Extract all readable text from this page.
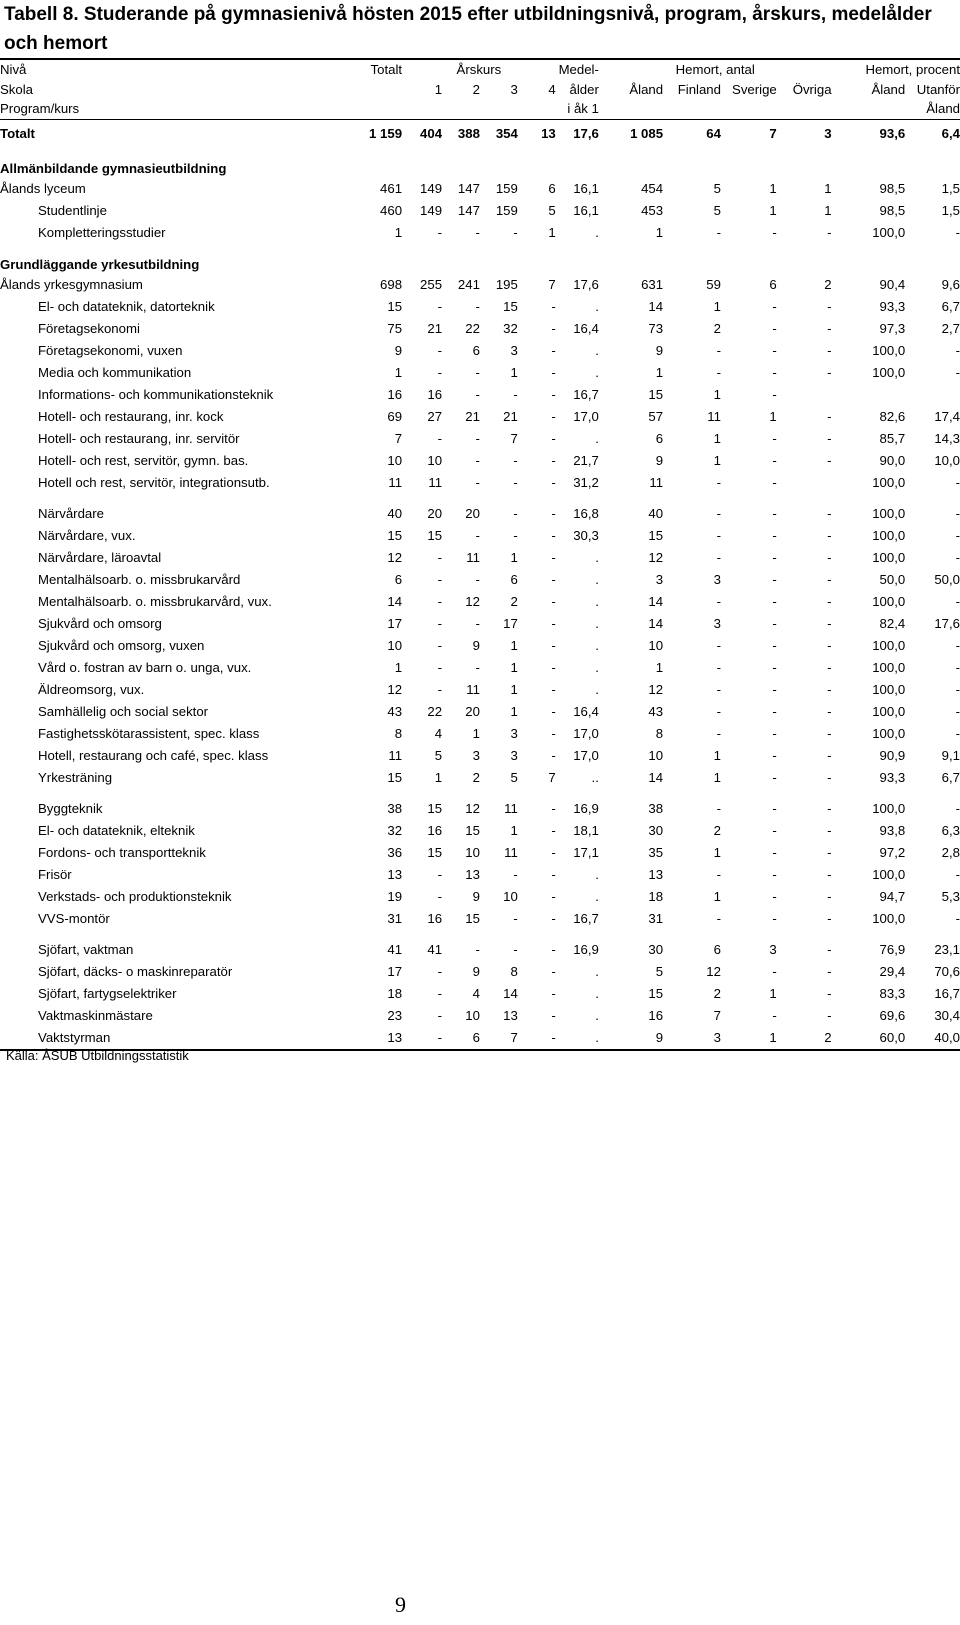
Tabell 8. Studerande på gymnasienivå hösten 2015 efter utbildningsnivå, program, årskurs, medelålder och hemort
Nivå	Totalt	Årskurs				Medel-	Hemort, antal				Hemort, procent	
Skola		1	2	3	4	ålder	Åland	Finland	Sverige	Övriga	Åland	Utanför
Program/kurs						i åk 1						Åland
Totalt	1 159	404	388	354	13	17,6	1 085	64	7	3	93,6	6,4
Allmänbildande gymnasieutbildning												
Ålands lyceum	461	149	147	159	6	16,1	454	5	1	1	98,5	1,5
Studentlinje	460	149	147	159	5	16,1	453	5	1	1	98,5	1,5
Kompletteringsstudier	1	-	-	-	1	.	1	-	-	-	100,0	-
Grundläggande yrkesutbildning												
Ålands yrkesgymnasium	698	255	241	195	7	17,6	631	59	6	2	90,4	9,6
El- och datateknik, datorteknik	15	-	-	15	-	.	14	1	-	-	93,3	6,7
Företagsekonomi	75	21	22	32	-	16,4	73	2	-	-	97,3	2,7
Företagsekonomi, vuxen	9	-	6	3	-	.	9	-	-	-	100,0	-
Media och kommunikation	1	-	-	1	-	.	1	-	-	-	100,0	-
Informations- och kommunikationsteknik	16	16	-	-	-	16,7	15	1	-			
Hotell- och restaurang, inr. kock	69	27	21	21	-	17,0	57	11	1	-	82,6	17,4
Hotell- och restaurang, inr. servitör	7	-	-	7	-	.	6	1	-	-	85,7	14,3
Hotell- och rest, servitör, gymn. bas.	10	10	-	-	-	21,7	9	1	-	-	90,0	10,0
Hotell och rest, servitör, integrationsutb.	11	11	-	-	-	31,2	11	-	-		100,0	-

Närvårdare	40	20	20	-	-	16,8	40	-	-	-	100,0	-
Närvårdare, vux.	15	15	-	-	-	30,3	15	-	-	-	100,0	-
Närvårdare, läroavtal	12	-	11	1	-	.	12	-	-	-	100,0	-
Mentalhälsoarb. o. missbrukarvård	6	-	-	6	-	.	3	3	-	-	50,0	50,0
Mentalhälsoarb. o. missbrukarvård, vux.	14	-	12	2	-	.	14	-	-	-	100,0	-
Sjukvård och omsorg	17	-	-	17	-	.	14	3	-	-	82,4	17,6
Sjukvård och omsorg, vuxen	10	-	9	1	-	.	10	-	-	-	100,0	-
Vård o. fostran av barn o. unga, vux.	1	-	-	1	-	.	1	-	-	-	100,0	-
Äldreomsorg, vux.	12	-	11	1	-	.	12	-	-	-	100,0	-
Samhällelig och social sektor	43	22	20	1	-	16,4	43	-	-	-	100,0	-
Fastighetsskötarassistent, spec. klass	8	4	1	3	-	17,0	8	-	-	-	100,0	-
Hotell, restaurang och café, spec. klass	11	5	3	3	-	17,0	10	1	-	-	90,9	9,1
Yrkesträning	15	1	2	5	7	..	14	1	-	-	93,3	6,7

Byggteknik	38	15	12	11	-	16,9	38	-	-	-	100,0	-
El- och datateknik, elteknik	32	16	15	1	-	18,1	30	2	-	-	93,8	6,3
Fordons- och transportteknik	36	15	10	11	-	17,1	35	1	-	-	97,2	2,8
Frisör	13	-	13	-	-	.	13	-	-	-	100,0	-
Verkstads- och produktionsteknik	19	-	9	10	-	.	18	1	-	-	94,7	5,3
VVS-montör	31	16	15	-	-	16,7	31	-	-	-	100,0	-

Sjöfart, vaktman	41	41	-	-	-	16,9	30	6	3	-	76,9	23,1
Sjöfart, däcks- o maskinreparatör	17	-	9	8	-	.	5	12	-	-	29,4	70,6
Sjöfart, fartygselektriker	18	-	4	14	-	.	15	2	1	-	83,3	16,7
Vaktmaskinmästare	23	-	10	13	-	.	16	7	-	-	69,6	30,4
Vaktstyrman	13	-	6	7	-	.	9	3	1	2	60,0	40,0
Källa: ÅSUB Utbildningsstatistik
9
